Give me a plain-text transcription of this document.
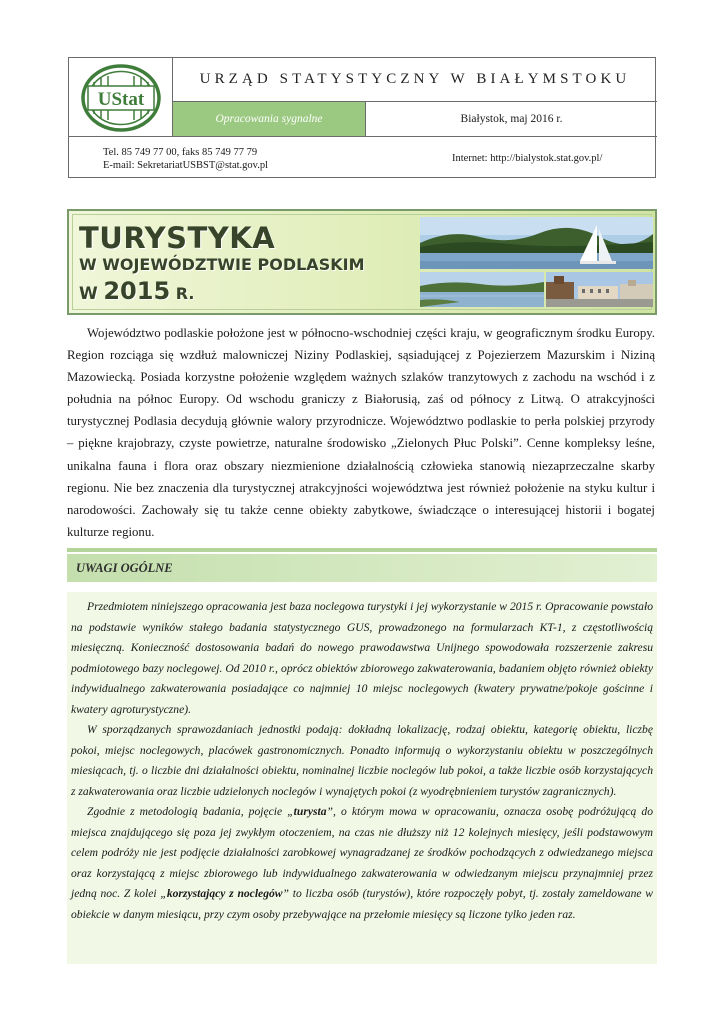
UStat
URZĄD STATYSTYCZNY W BIAŁYMSTOKU
Opracowania sygnalne	Białystok, maj 2016 r.
Tel. 85 749 77 00, faks 85 749 77 79
E-mail: SekretariatUSBST@stat.gov.pl
Internet: http://bialystok.stat.gov.pl/
TURYSTYKA
W WOJEWÓDZTWIE PODLASKIM
W 2015 R.

Województwo podlaskie położone jest w północno-wschodniej części kraju, w geograficznym środku Europy. Region rozciąga się wzdłuż malowniczej Niziny Podlaskiej, sąsiadującej z Pojezierzem Mazurskim i Niziną Mazowiecką. Posiada korzystne położenie względem ważnych szlaków tranzytowych z zachodu na wschód i z południa na północ Europy. Od wschodu graniczy z Białorusią, zaś od północy z Litwą. O atrakcyjności turystycznej Podlasia decydują głównie walory przyrodnicze. Województwo podlaskie to perła polskiej przyrody – piękne krajobrazy, czyste powietrze, naturalne środowisko „Zielonych Płuc Polski”. Cenne kompleksy leśne, unikalna fauna i flora oraz obszary niezmienione działalnością człowieka stanowią niezaprzeczalne skarby regionu. Nie bez znaczenia dla turystycznej atrakcyjności województwa jest również położenie na styku kultur i narodowości. Zachowały się tu także cenne obiekty zabytkowe, świadczące o interesującej historii i bogatej kulturze regionu.

UWAGI OGÓLNE

Przedmiotem niniejszego opracowania jest baza noclegowa turystyki i jej wykorzystanie w 2015 r. Opracowanie powstało na podstawie wyników stałego badania statystycznego GUS, prowadzonego na formularzach KT-1, z częstotliwością miesięczną. Konieczność dostosowania badań do nowego prawodawstwa Unijnego spowodowała rozszerzenie zakresu podmiotowego bazy noclegowej. Od 2010 r., oprócz obiektów zbiorowego zakwaterowania, badaniem objęto również obiekty indywidualnego zakwaterowania posiadające co najmniej 10 miejsc noclegowych (kwatery prywatne/pokoje gościnne i kwatery agroturystyczne).

W sporządzanych sprawozdaniach jednostki podają: dokładną lokalizację, rodzaj obiektu, kategorię obiektu, liczbę pokoi, miejsc noclegowych, placówek gastronomicznych. Ponadto informują o wykorzystaniu obiektu w poszczególnych miesiącach, tj. o liczbie dni działalności obiektu, nominalnej liczbie noclegów lub pokoi, a także liczbie osób korzystających z zakwaterowania oraz liczbie udzielonych noclegów i wynajętych pokoi (z wyodrębnieniem turystów zagranicznych).

Zgodnie z metodologią badania, pojęcie „turysta”, o którym mowa w opracowaniu, oznacza osobę podróżującą do miejsca znajdującego się poza jej zwykłym otoczeniem, na czas nie dłuższy niż 12 kolejnych miesięcy, jeśli podstawowym celem podróży nie jest podjęcie działalności zarobkowej wynagradzanej ze środków pochodzących z odwiedzanego miejsca oraz korzystającą z miejsc zbiorowego lub indywidualnego zakwaterowania w odwiedzanym miejscu przynajmniej przez jedną noc. Z kolei „korzystający z noclegów” to liczba osób (turystów), które rozpoczęły pobyt, tj. zostały zameldowane w obiekcie w danym miesiącu, przy czym osoby przebywające na przełomie miesięcy są liczone tylko jeden raz.
